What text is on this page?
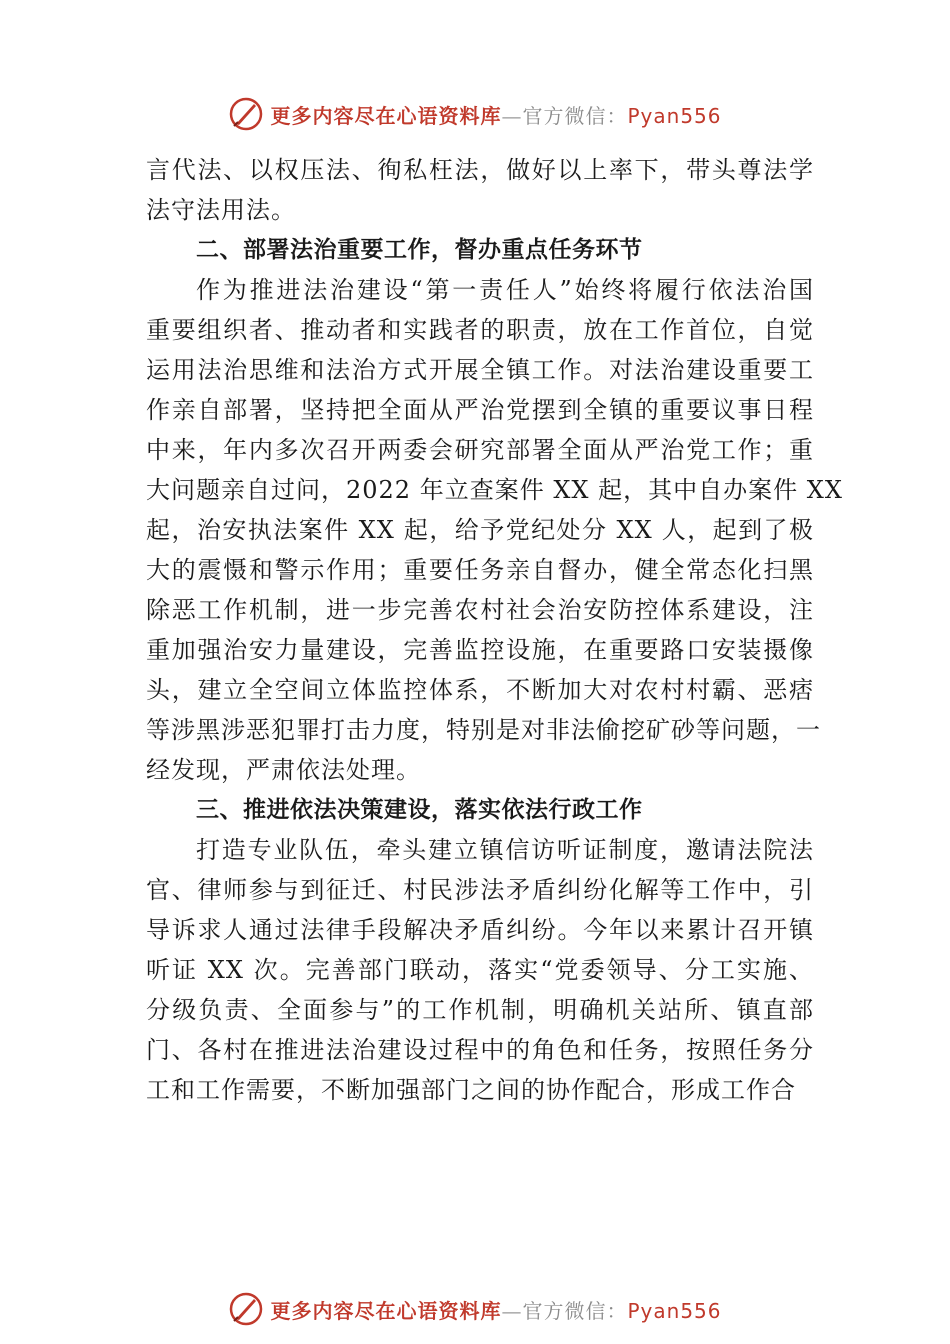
更多内容尽在心语资料库—官方微信：Pyan556
言代法、以权压法、徇私枉法，做好以上率下，带头尊法学
法守法用法。
二、部署法治重要工作，督办重点任务环节
作为推进法治建设“第一责任人”始终将履行依法治国
重要组织者、推动者和实践者的职责，放在工作首位，自觉
运用法治思维和法治方式开展全镇工作。对法治建设重要工
作亲自部署，坚持把全面从严治党摆到全镇的重要议事日程
中来，年内多次召开两委会研究部署全面从严治党工作；重
大问题亲自过问，2022 年立查案件 XX 起，其中自办案件 XX
起，治安执法案件 XX 起，给予党纪处分 XX 人，起到了极
大的震慑和警示作用；重要任务亲自督办，健全常态化扫黑
除恶工作机制，进一步完善农村社会治安防控体系建设，注
重加强治安力量建设，完善监控设施，在重要路口安装摄像
头，建立全空间立体监控体系，不断加大对农村村霸、恶痞
等涉黑涉恶犯罪打击力度，特别是对非法偷挖矿砂等问题，一
经发现，严肃依法处理。
三、推进依法决策建设，落实依法行政工作
打造专业队伍，牵头建立镇信访听证制度，邀请法院法
官、律师参与到征迁、村民涉法矛盾纠纷化解等工作中，引
导诉求人通过法律手段解决矛盾纠纷。今年以来累计召开镇
听证 XX 次。完善部门联动，落实“党委领导、分工实施、
分级负责、全面参与”的工作机制，明确机关站所、镇直部
门、各村在推进法治建设过程中的角色和任务，按照任务分
工和工作需要，不断加强部门之间的协作配合，形成工作合
更多内容尽在心语资料库—官方微信：Pyan556
